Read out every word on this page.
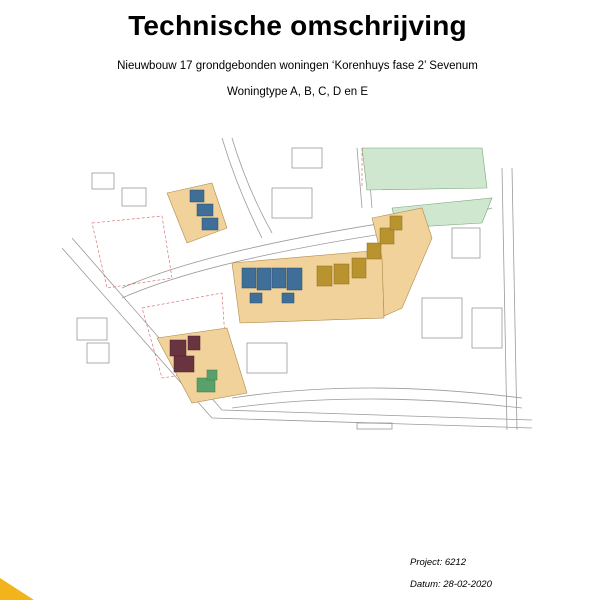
Technische omschrijving
Nieuwbouw 17 grondgebonden woningen ‘Korenhuys fase 2’ Sevenum
Woningtype A, B, C, D en E
Project: 6212
Datum: 28-02-2020
